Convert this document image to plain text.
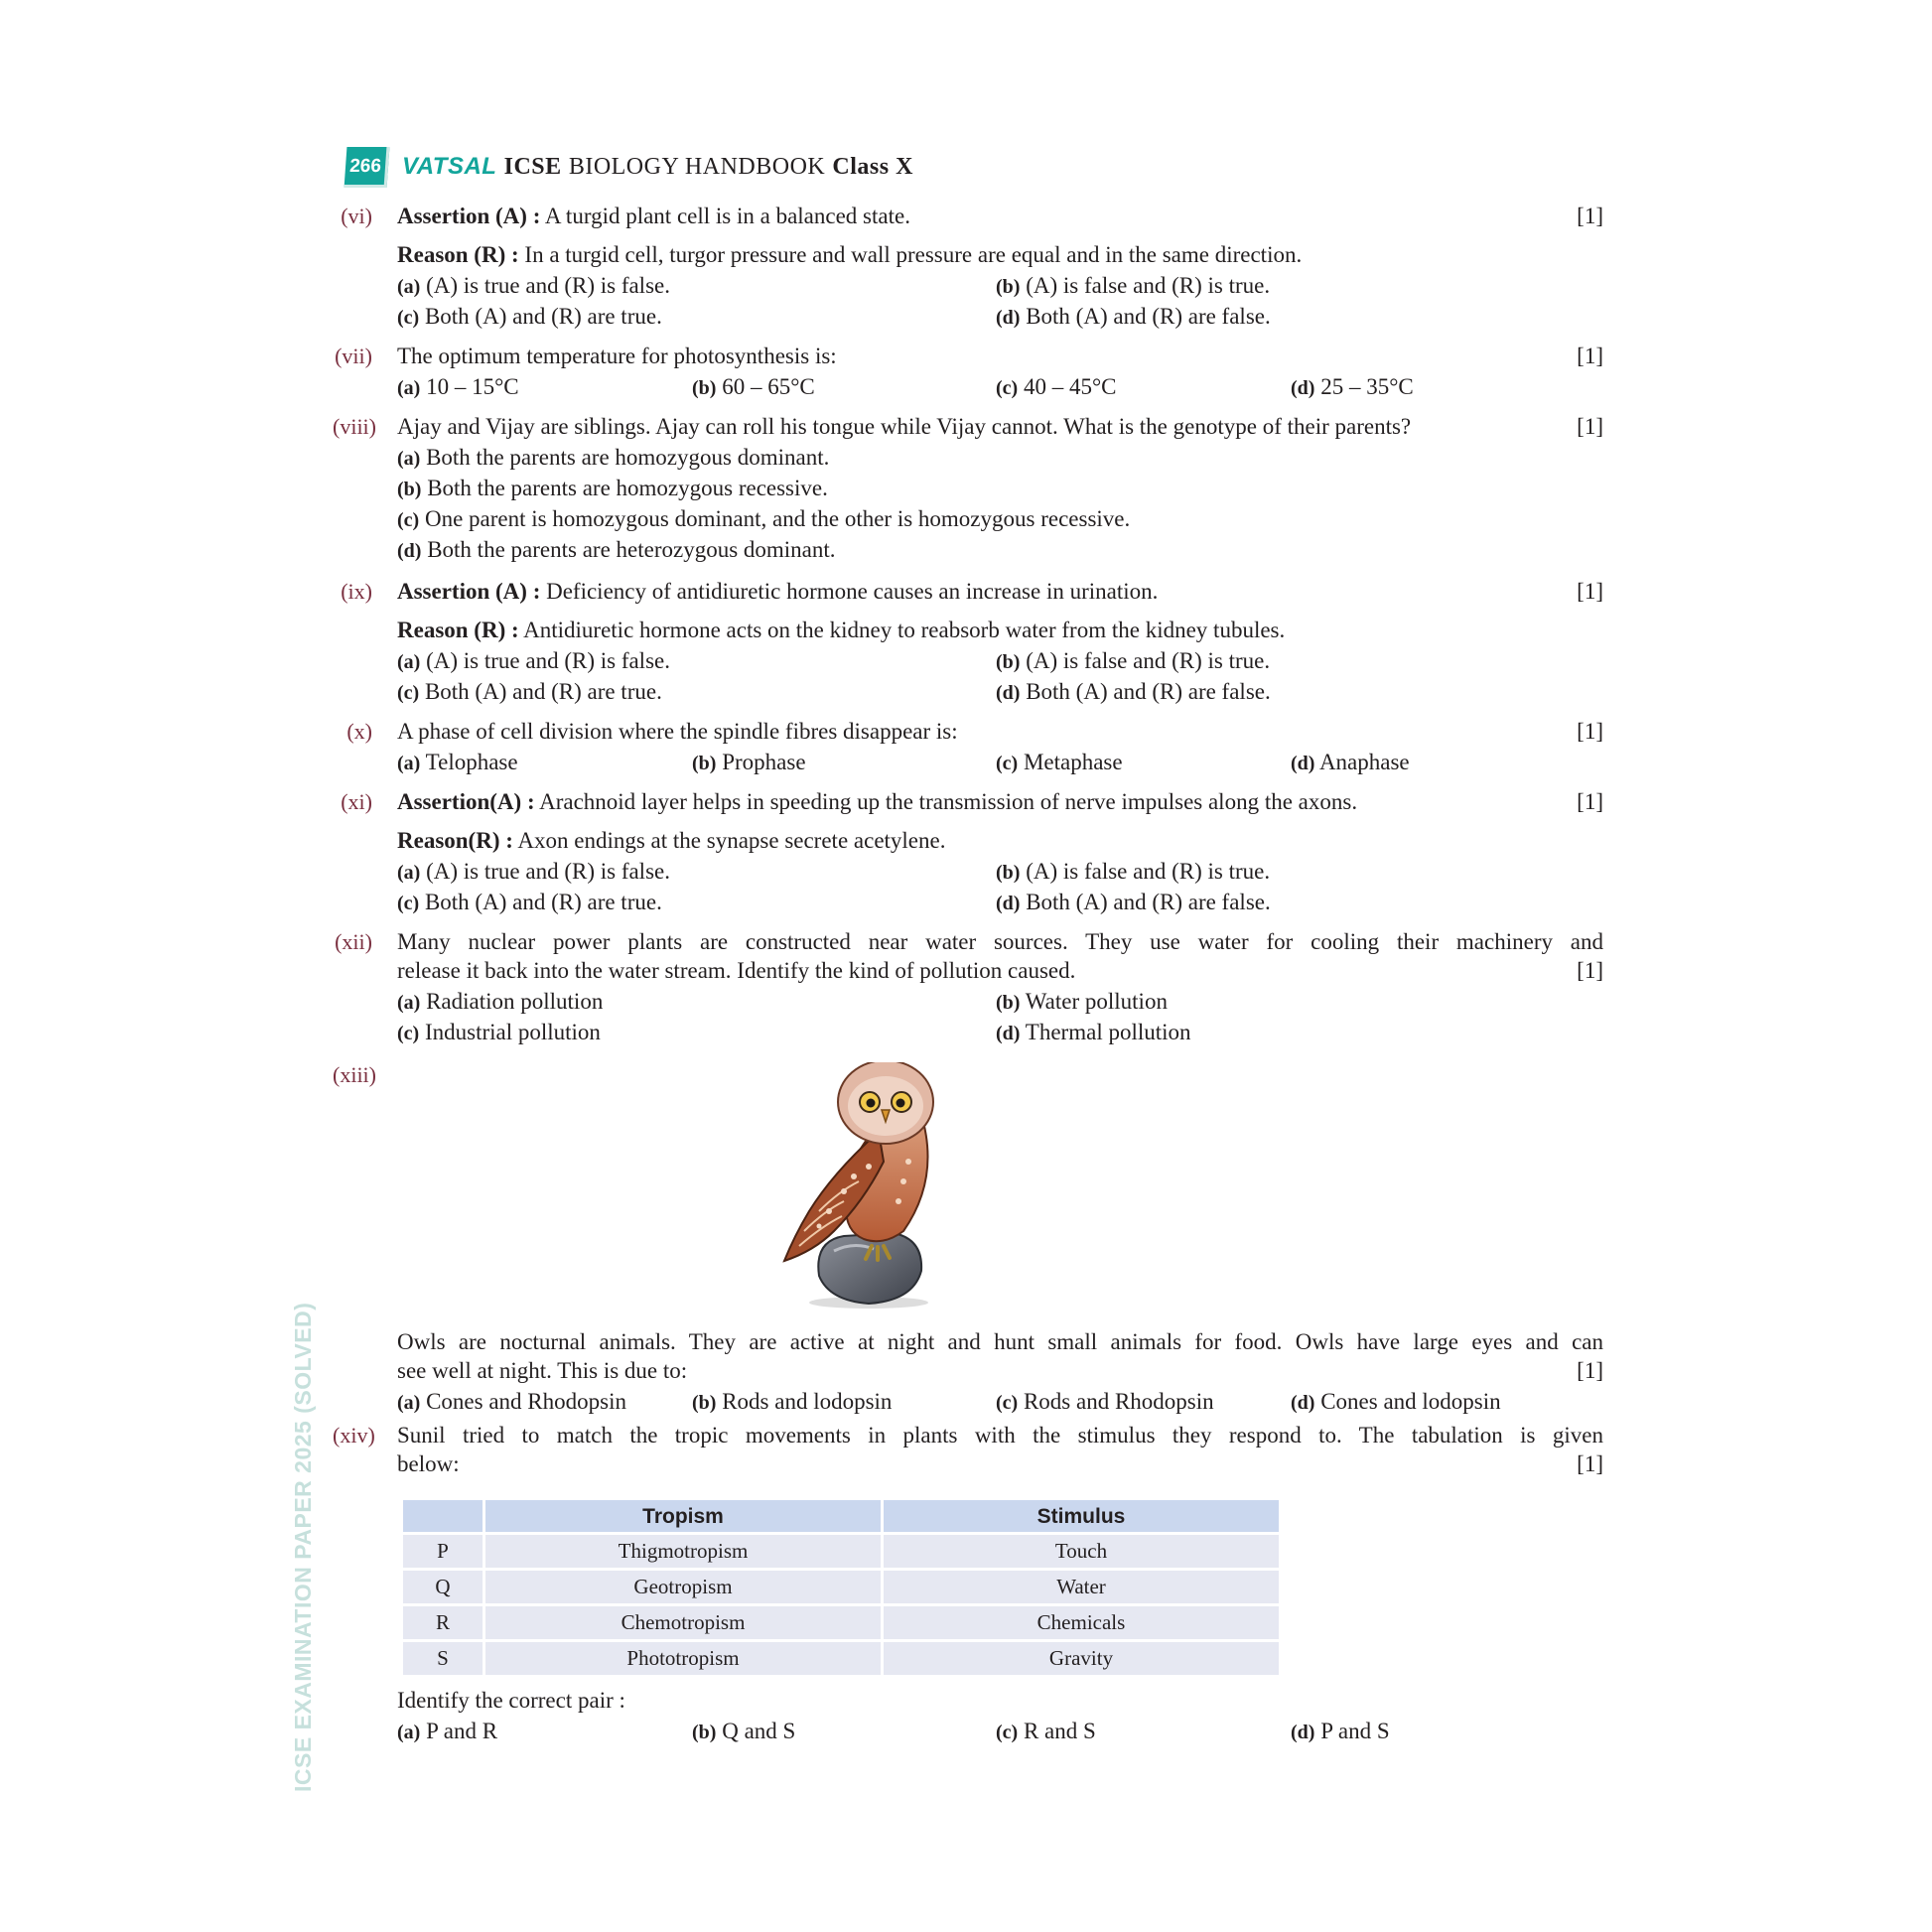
266 VATSAL ICSE BIOLOGY HANDBOOK Class X
ICSE EXAMINATION PAPER 2025 (SOLVED)
(vi) Assertion (A) : A turgid plant cell is in a balanced state.	[1]
Reason (R) : In a turgid cell, turgor pressure and wall pressure are equal and in the same direction.
(a) (A) is true and (R) is false.	(b) (A) is false and (R) is true.
(c) Both (A) and (R) are true.	(d) Both (A) and (R) are false.
(vii) The optimum temperature for photosynthesis is:	[1]
(a) 10 – 15°C	(b) 60 – 65°C	(c) 40 – 45°C	(d) 25 – 35°C
(viii) Ajay and Vijay are siblings. Ajay can roll his tongue while Vijay cannot. What is the genotype of their parents?	[1]
(a) Both the parents are homozygous dominant.
(b) Both the parents are homozygous recessive.
(c) One parent is homozygous dominant, and the other is homozygous recessive.
(d) Both the parents are heterozygous dominant.
(ix) Assertion (A) : Deficiency of antidiuretic hormone causes an increase in urination.	[1]
Reason (R) : Antidiuretic hormone acts on the kidney to reabsorb water from the kidney tubules.
(a) (A) is true and (R) is false.	(b) (A) is false and (R) is true.
(c) Both (A) and (R) are true.	(d) Both (A) and (R) are false.
(x) A phase of cell division where the spindle fibres disappear is:	[1]
(a) Telophase	(b) Prophase	(c) Metaphase	(d) Anaphase
(xi) Assertion(A) : Arachnoid layer helps in speeding up the transmission of nerve impulses along the axons.	[1]
Reason(R) : Axon endings at the synapse secrete acetylene.
(a) (A) is true and (R) is false.	(b) (A) is false and (R) is true.
(c) Both (A) and (R) are true.	(d) Both (A) and (R) are false.
(xii) Many nuclear power plants are constructed near water sources. They use water for cooling their machinery and
release it back into the water stream. Identify the kind of pollution caused.	[1]
(a) Radiation pollution	(b) Water pollution
(c) Industrial pollution	(d) Thermal pollution
(xiii)
Owls are nocturnal animals. They are active at night and hunt small animals for food. Owls have large eyes and can
see well at night. This is due to:	[1]
(a) Cones and Rhodopsin	(b) Rods and lodopsin	(c) Rods and Rhodopsin	(d) Cones and lodopsin
(xiv) Sunil tried to match the tropic movements in plants with the stimulus they respond to. The tabulation is given
below:	[1]
	Tropism	Stimulus
P	Thigmotropism	Touch
Q	Geotropism	Water
R	Chemotropism	Chemicals
S	Phototropism	Gravity
Identify the correct pair :
(a) P and R	(b) Q and S	(c) R and S	(d) P and S
